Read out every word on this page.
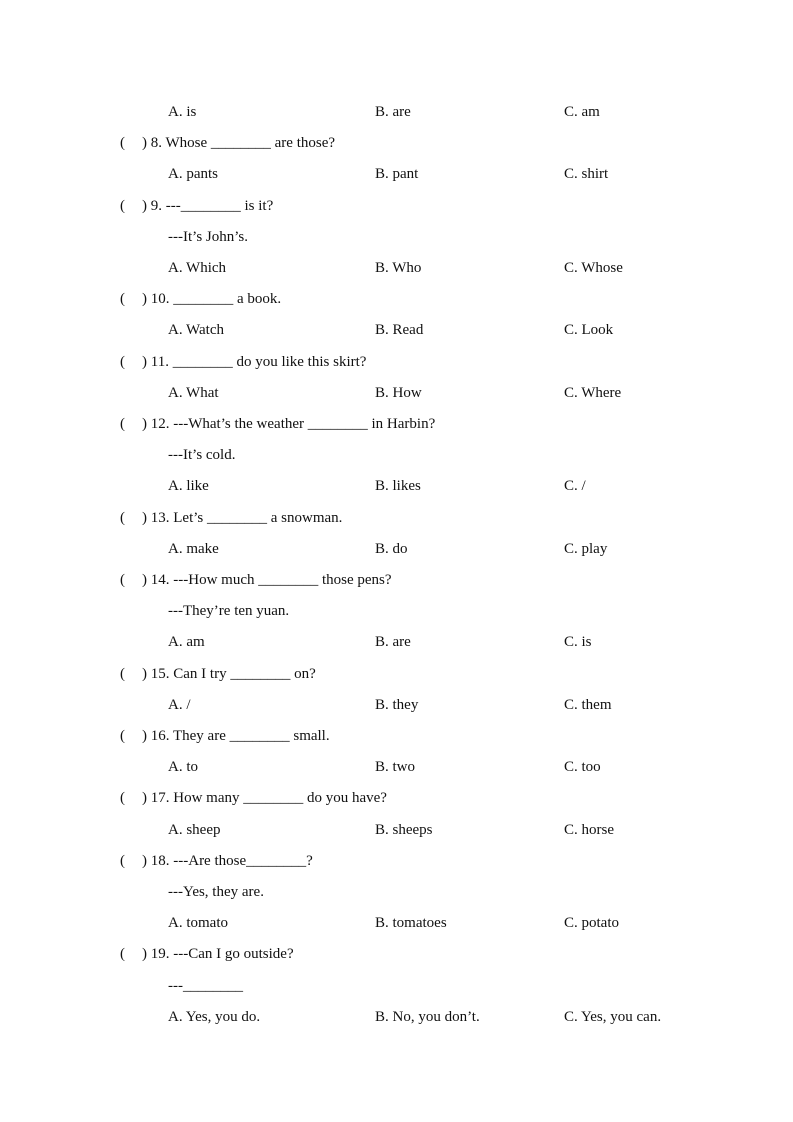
A. is	B. are	C. am
( ) 8. Whose ________ are those?
A. pants	B. pant	C. shirt
( ) 9. ---________ is it?
---It’s John’s.
A. Which	B. Who	C. Whose
( ) 10. ________ a book.
A. Watch	B. Read	C. Look
( ) 11. ________ do you like this skirt?
A. What	B. How	C. Where
( ) 12. ---What’s the weather ________ in Harbin?
---It’s cold.
A. like	B. likes	C. /
( ) 13. Let’s ________ a snowman.
A. make	B. do	C. play
( ) 14. ---How much ________ those pens?
---They’re ten yuan.
A. am	B. are	C. is
( ) 15. Can I try ________ on?
A. /	B. they	C. them
( ) 16. They are ________ small.
A. to	B. two	C. too
( ) 17. How many ________ do you have?
A. sheep	B. sheeps	C. horse
( ) 18. ---Are those________?
---Yes, they are.
A. tomato	B. tomatoes	C. potato
( ) 19. ---Can I go outside?
---________
A. Yes, you do.	B. No, you don’t.	C. Yes, you can.
